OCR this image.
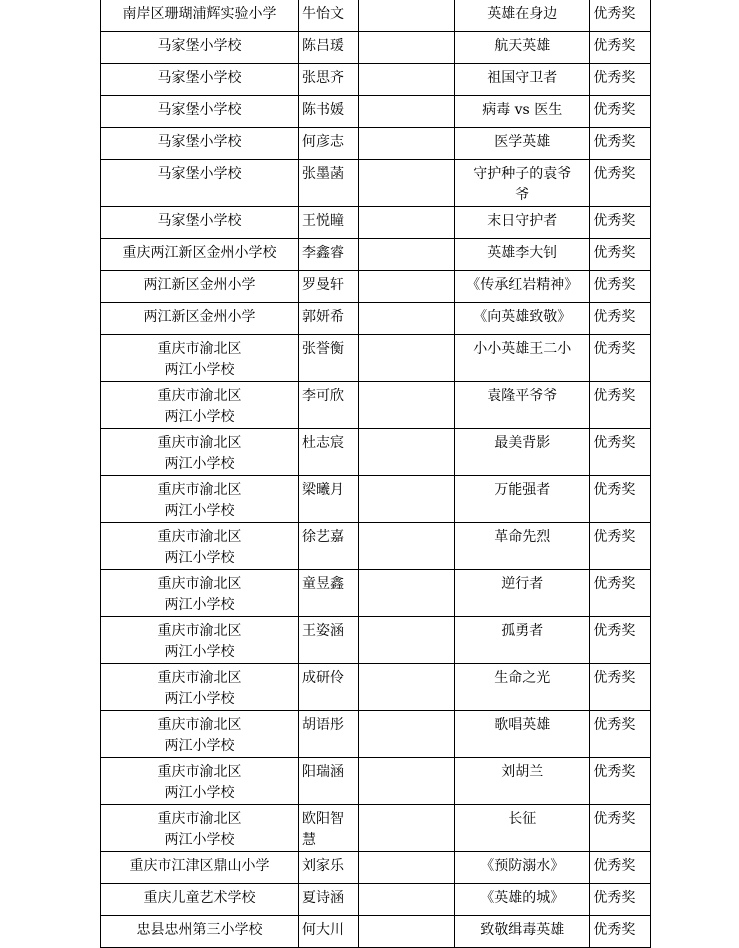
南岸区珊瑚浦辉实验小学	牛怡文		英雄在身边	优秀奖

马家堡小学校	陈吕瑗		航天英雄	优秀奖

马家堡小学校	张思齐		祖国守卫者	优秀奖

马家堡小学校	陈书媛		病毒 vs 医生	优秀奖

马家堡小学校	何彦志		医学英雄	优秀奖

马家堡小学校	张墨菡		守护种子的袁爷
爷	优秀奖

马家堡小学校	王悦瞳		末日守护者	优秀奖

重庆两江新区金州小学校	李鑫睿		英雄李大钊	优秀奖

两江新区金州小学	罗曼轩		《传承红岩精神》	优秀奖

两江新区金州小学	郭妍希		《向英雄致敬》	优秀奖

重庆市渝北区
两江小学校	张誉衡		小小英雄王二小	优秀奖

重庆市渝北区
两江小学校	李可欣		袁隆平爷爷	优秀奖

重庆市渝北区
两江小学校	杜志宸		最美背影	优秀奖

重庆市渝北区
两江小学校	梁曦月		万能强者	优秀奖

重庆市渝北区
两江小学校	徐艺嘉		革命先烈	优秀奖

重庆市渝北区
两江小学校	童昱鑫		逆行者	优秀奖

重庆市渝北区
两江小学校	王姿涵		孤勇者	优秀奖

重庆市渝北区
两江小学校	成研伶		生命之光	优秀奖

重庆市渝北区
两江小学校	胡语彤		歌唱英雄	优秀奖

重庆市渝北区
两江小学校	阳瑞涵		刘胡兰	优秀奖

重庆市渝北区
两江小学校	欧阳智
慧		长征	优秀奖

重庆市江津区鼎山小学	刘家乐		《预防溺水》	优秀奖

重庆儿童艺术学校	夏诗涵		《英雄的城》	优秀奖

忠县忠州第三小学校	何大川		致敬缉毒英雄	优秀奖
